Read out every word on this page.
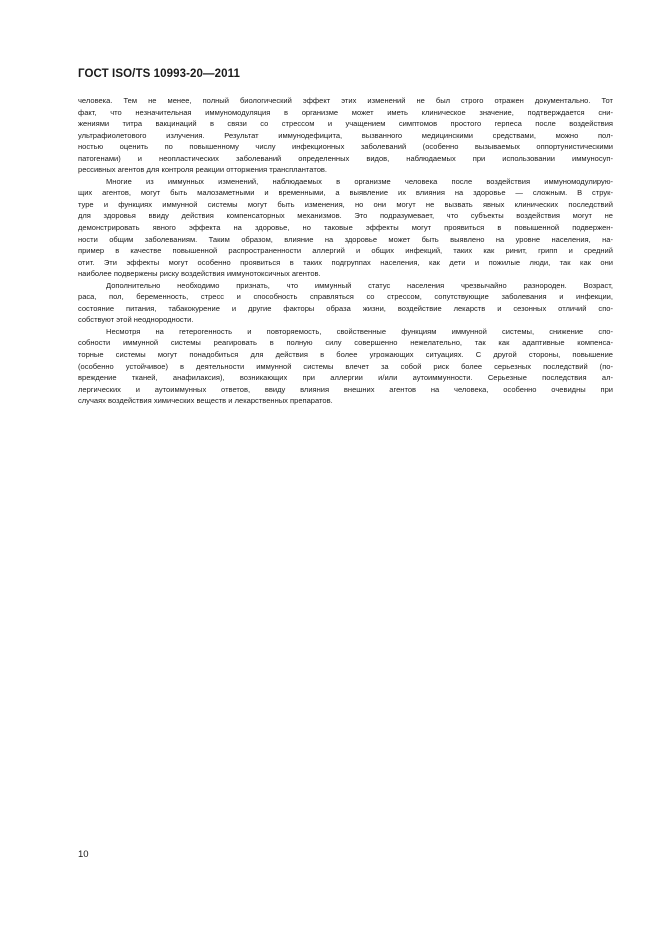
ГОСТ ISO/TS 10993-20—2011
человека. Тем не менее, полный биологический эффект этих изменений не был строго отражен документально. Тот
факт, что незначительная иммуномодуляция в организме может иметь клиническое значение, подтверждается сни-
жениями титра вакцинаций в связи со стрессом и учащением симптомов простого герпеса после воздействия
ультрафиолетового излучения. Результат иммунодефицита, вызванного медицинскими средствами, можно пол-
ностью оценить по повышенному числу инфекционных заболеваний (особенно вызываемых оппортунистическими
патогенами) и неопластических заболеваний определенных видов, наблюдаемых при использовании иммуносуп-
рессивных агентов для контроля реакции отторжения трансплантатов.
Многие из иммунных изменений, наблюдаемых в организме человека после воздействия иммуномодулирую-
щих агентов, могут быть малозаметными и временными, а выявление их влияния на здоровье — сложным. В струк-
туре и функциях иммунной системы могут быть изменения, но они могут не вызвать явных клинических последствий
для здоровья ввиду действия компенсаторных механизмов. Это подразумевает, что субъекты воздействия могут не
демонстрировать явного эффекта на здоровье, но таковые эффекты могут проявиться в повышенной подвержен-
ности общим заболеваниям. Таким образом, влияние на здоровье может быть выявлено на уровне населения, на-
пример в качестве повышенной распространенности аллергий и общих инфекций, таких как ринит, грипп и средний
отит. Эти эффекты могут особенно проявиться в таких подгруппах населения, как дети и пожилые люди, так как они
наиболее подвержены риску воздействия иммунотоксичных агентов.
Дополнительно необходимо признать, что иммунный статус населения чрезвычайно разнороден. Возраст,
раса, пол, беременность, стресс и способность справляться со стрессом, сопутствующие заболевания и инфекции,
состояние питания, табакокурение и другие факторы образа жизни, воздействие лекарств и сезонных отличий спо-
собствуют этой неоднородности.
Несмотря на гетерогенность и повторяемость, свойственные функциям иммунной системы, снижение спо-
собности иммунной системы реагировать в полную силу совершенно нежелательно, так как адаптивные компенса-
торные системы могут понадобиться для действия в более угрожающих ситуациях. С другой стороны, повышение
(особенно устойчивое) в деятельности иммунной системы влечет за собой риск более серьезных последствий (по-
вреждение тканей, анафилаксия), возникающих при аллергии и/или аутоиммунности. Серьезные последствия ал-
лергических и аутоиммунных ответов, ввиду влияния внешних агентов на человека, особенно очевидны при
случаях воздействия химических веществ и лекарственных препаратов.
10
